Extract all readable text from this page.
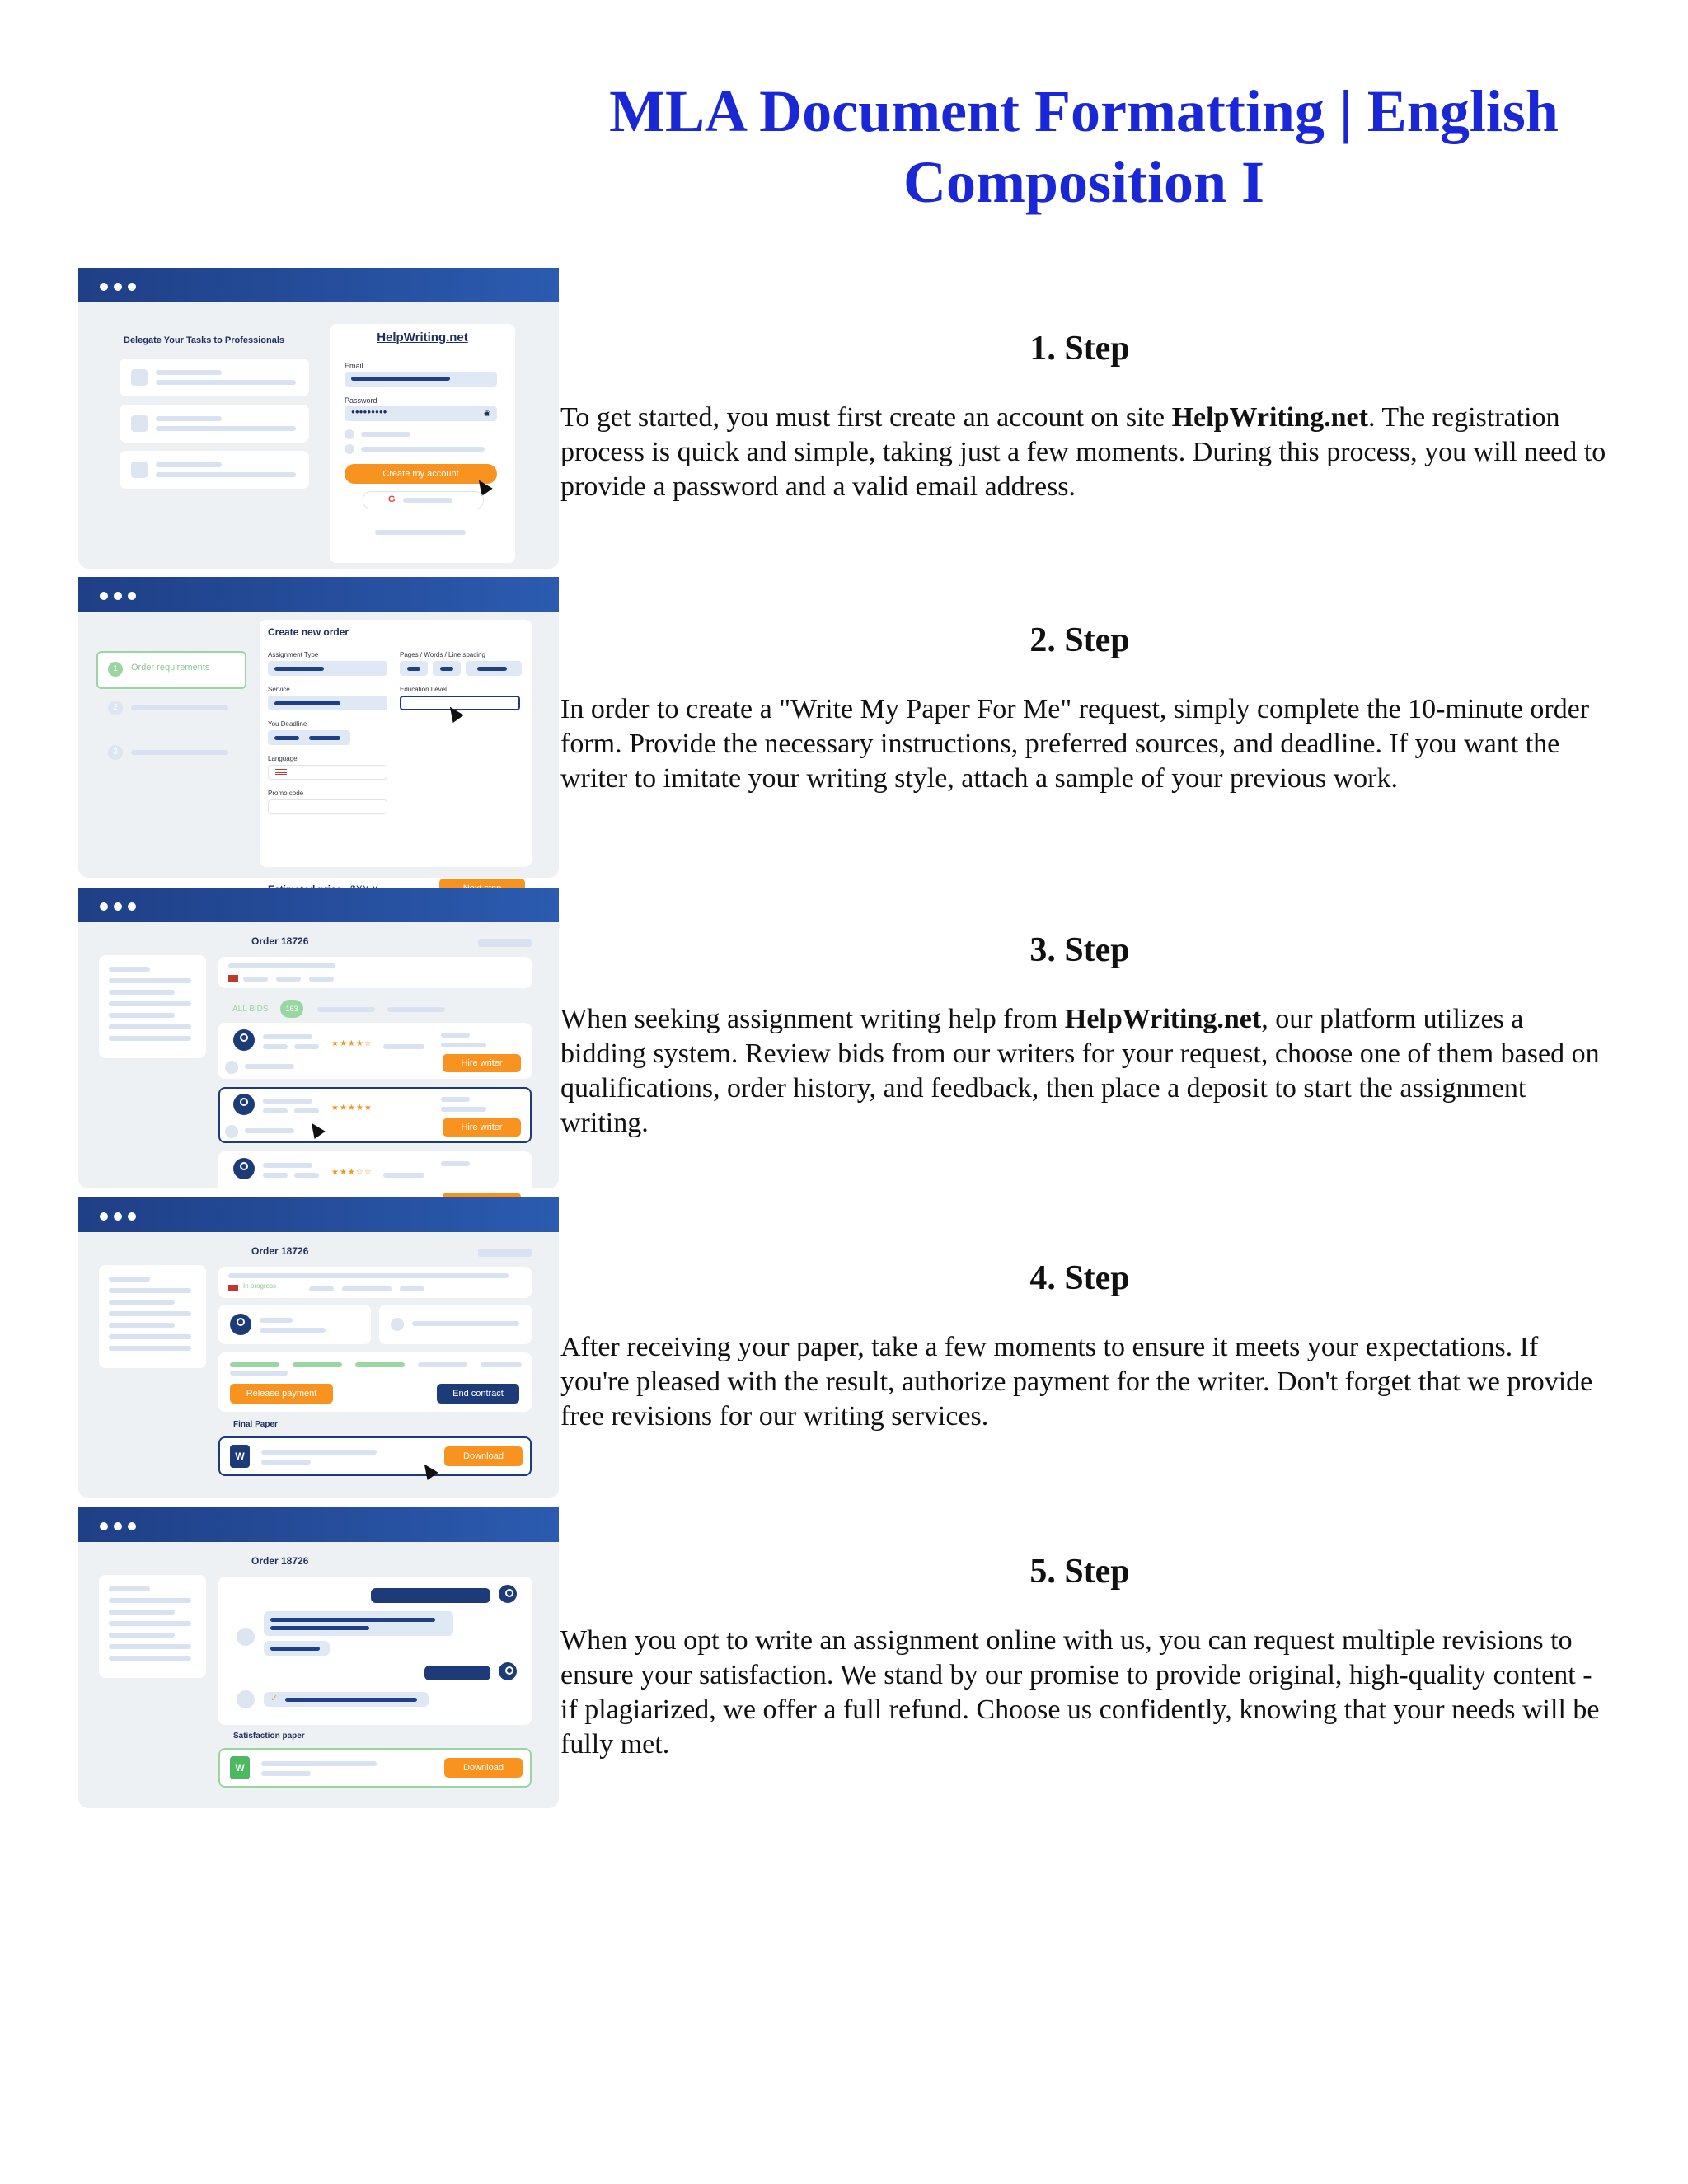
MLA Document Formatting | English Composition I
Delegate Your Tasks to Professionals	HelpWriting.net
Email
Password
●●●●●●●●●	◉
Create my account
G
1	Order requirements
2
3
Create new order
Assignment Type	Pages / Words / Line spacing
Service	Education Level
You Deadline
Language
Promo code
Order 18726
ALL BIDS	163
★★★★☆
Hire writer
★★★★★
Hire writer
★★★☆☆
Order 18726
In progress
Release payment	End contract
Final Paper
W	Download
Order 18726
✓
Satisfaction paper
W	Download
1. Step
To get started, you must first create an account on site HelpWriting.net. The registration process is quick and simple, taking just a few moments. During this process, you will need to provide a password and a valid email address.
2. Step
In order to create a "Write My Paper For Me" request, simply complete the 10-minute order form. Provide the necessary instructions, preferred sources, and deadline. If you want the writer to imitate your writing style, attach a sample of your previous work.
3. Step
When seeking assignment writing help from HelpWriting.net, our platform utilizes a bidding system. Review bids from our writers for your request, choose one of them based on qualifications, order history, and feedback, then place a deposit to start the assignment writing.
4. Step
After receiving your paper, take a few moments to ensure it meets your expectations. If you're pleased with the result, authorize payment for the writer. Don't forget that we provide free revisions for our writing services.
5. Step
When you opt to write an assignment online with us, you can request multiple revisions to ensure your satisfaction. We stand by our promise to provide original, high-quality content - if plagiarized, we offer a full refund. Choose us confidently, knowing that your needs will be fully met.
